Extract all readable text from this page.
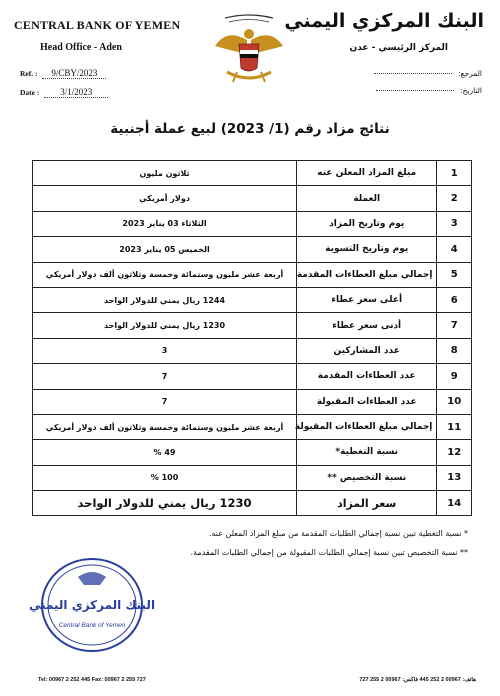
CENTRAL BANK OF YEMEN
Head Office - Aden
Ref. : 9/CBY/2023
Date : 3/1/2023
البنك المركزي اليمني
المركز الرئيسي - عدن
المرجع:
التاريخ:
نتائج مزاد رقم (1/ 2023) لبيع عملة أجنبية
ثلاثون مليون	مبلغ المزاد المعلن عنه	1
دولار أمريكي	العملة	2
الثلاثاء 03 يناير 2023	يوم وتاريخ المزاد	3
الخميس 05 يناير 2023	يوم وتاريخ التسوية	4
أربعة عشر مليون وستمائة وخمسة وثلاثون ألف دولار أمريكي	إجمالي مبلغ العطاءات المقدمة	5
1244 ريال يمني للدولار الواحد	أعلى سعر عطاء	6
1230 ريال يمني للدولار الواحد	أدنى سعر عطاء	7
3	عدد المشاركين	8
7	عدد العطاءات المقدمة	9
7	عدد العطاءات المقبولة	10
أربعة عشر مليون وستمائة وخمسة وثلاثون ألف دولار أمريكي	إجمالي مبلغ العطاءات المقبولة	11
49 %	نسبة التغطية*	12
100 %	نسبة التخصيص **	13
1230 ريال يمني للدولار الواحد	سعر المزاد	14
* نسبة التغطية تبين نسبة إجمالي الطلبات المقدمة من مبلغ المزاد المعلن عنه.
** نسبة التخصيص تبين نسبة إجمالي الطلبات المقبولة من إجمالي الطلبات المقدمة.
البنك المركزي اليمني
Central Bank of Yemen
Tel: 00967 2 252 445 Fax: 00967 2 255 727	هاتف: 00967 2 252 445 فاكس: 00967 2 255 727
